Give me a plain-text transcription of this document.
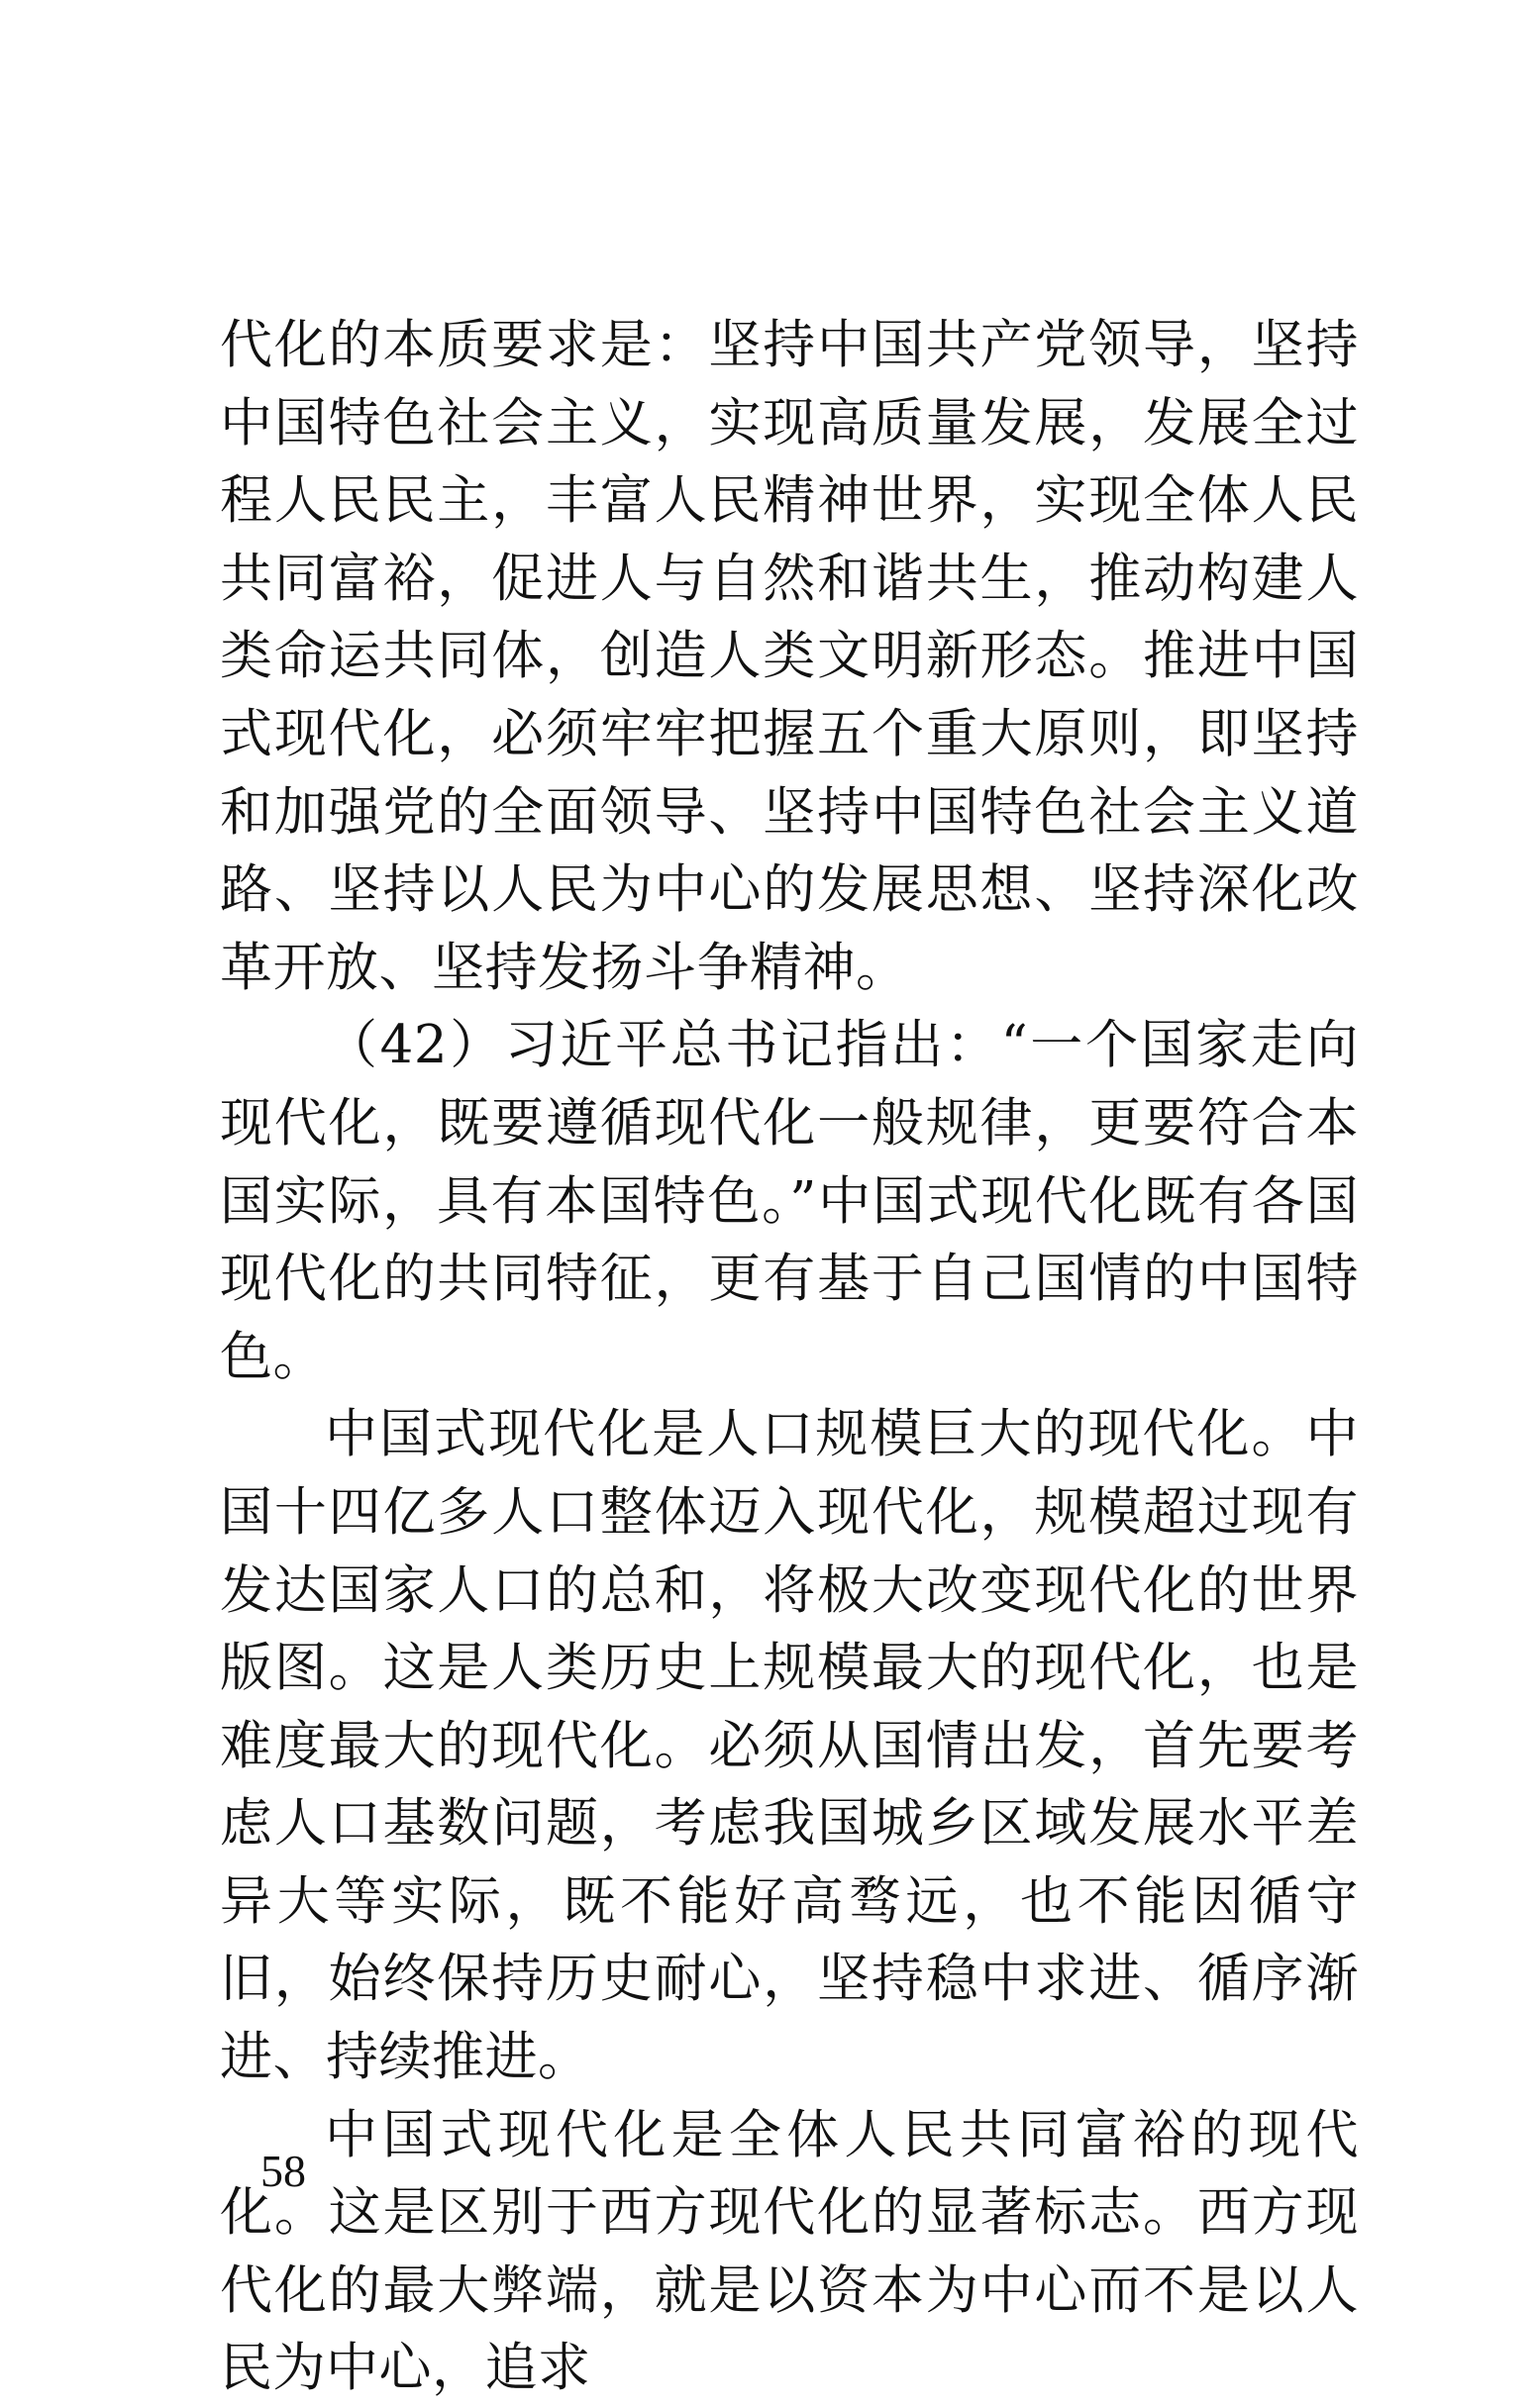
代化的本质要求是：坚持中国共产党领导，坚持中国特色社会主义，实现高质量发展，发展全过程人民民主，丰富人民精神世界，实现全体人民共同富裕，促进人与自然和谐共生，推动构建人类命运共同体，创造人类文明新形态。推进中国式现代化，必须牢牢把握五个重大原则，即坚持和加强党的全面领导、坚持中国特色社会主义道路、坚持以人民为中心的发展思想、坚持深化改革开放、坚持发扬斗争精神。

（42）习近平总书记指出：“一个国家走向现代化，既要遵循现代化一般规律，更要符合本国实际，具有本国特色。”中国式现代化既有各国现代化的共同特征，更有基于自己国情的中国特色。

中国式现代化是人口规模巨大的现代化。中国十四亿多人口整体迈入现代化，规模超过现有发达国家人口的总和，将极大改变现代化的世界版图。这是人类历史上规模最大的现代化，也是难度最大的现代化。必须从国情出发，首先要考虑人口基数问题，考虑我国城乡区域发展水平差异大等实际，既不能好高骛远，也不能因循守旧，始终保持历史耐心，坚持稳中求进、循序渐进、持续推进。

中国式现代化是全体人民共同富裕的现代化。这是区别于西方现代化的显著标志。西方现代化的最大弊端，就是以资本为中心而不是以人民为中心，追求

58
